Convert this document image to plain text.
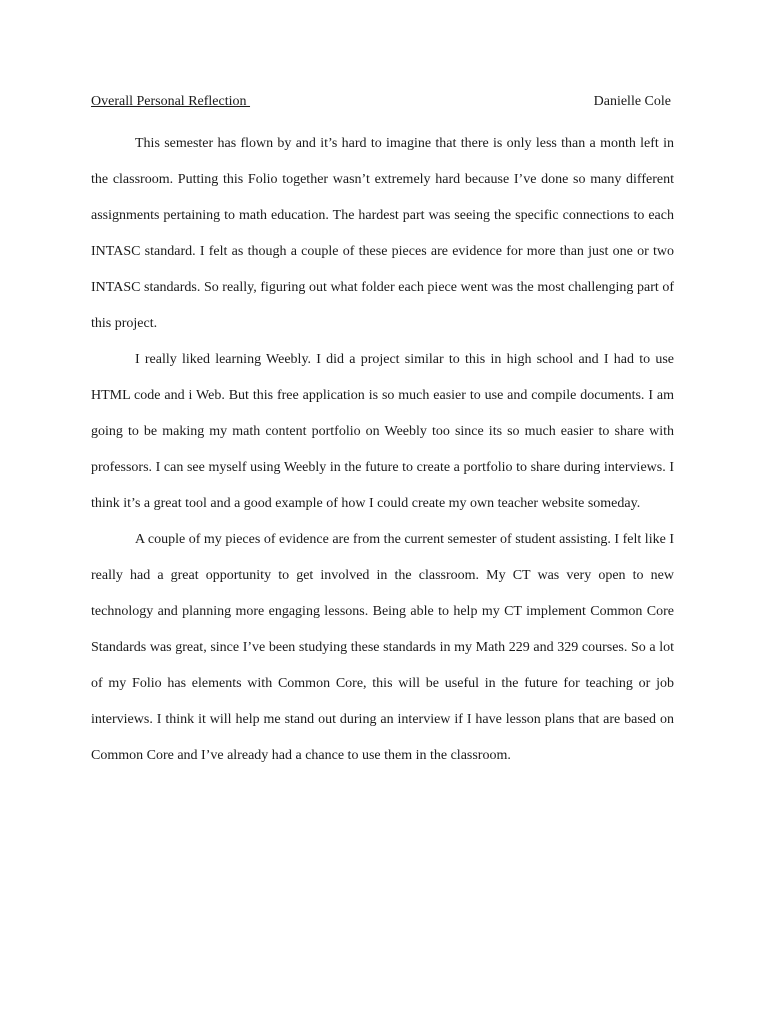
Overall Personal Reflection	Danielle Cole

This semester has flown by and it’s hard to imagine that there is only less than a month left in the classroom. Putting this Folio together wasn’t extremely hard because I’ve done so many different assignments pertaining to math education. The hardest part was seeing the specific connections to each INTASC standard. I felt as though a couple of these pieces are evidence for more than just one or two INTASC standards. So really, figuring out what folder each piece went was the most challenging part of this project.

I really liked learning Weebly. I did a project similar to this in high school and I had to use HTML code and i Web. But this free application is so much easier to use and compile documents. I am going to be making my math content portfolio on Weebly too since its so much easier to share with professors. I can see myself using Weebly in the future to create a portfolio to share during interviews. I think it’s a great tool and a good example of how I could create my own teacher website someday.

A couple of my pieces of evidence are from the current semester of student assisting. I felt like I really had a great opportunity to get involved in the classroom. My CT was very open to new technology and planning more engaging lessons. Being able to help my CT implement Common Core Standards was great, since I’ve been studying these standards in my Math 229 and 329 courses. So a lot of my Folio has elements with Common Core, this will be useful in the future for teaching or job interviews. I think it will help me stand out during an interview if I have lesson plans that are based on Common Core and I’ve already had a chance to use them in the classroom.
